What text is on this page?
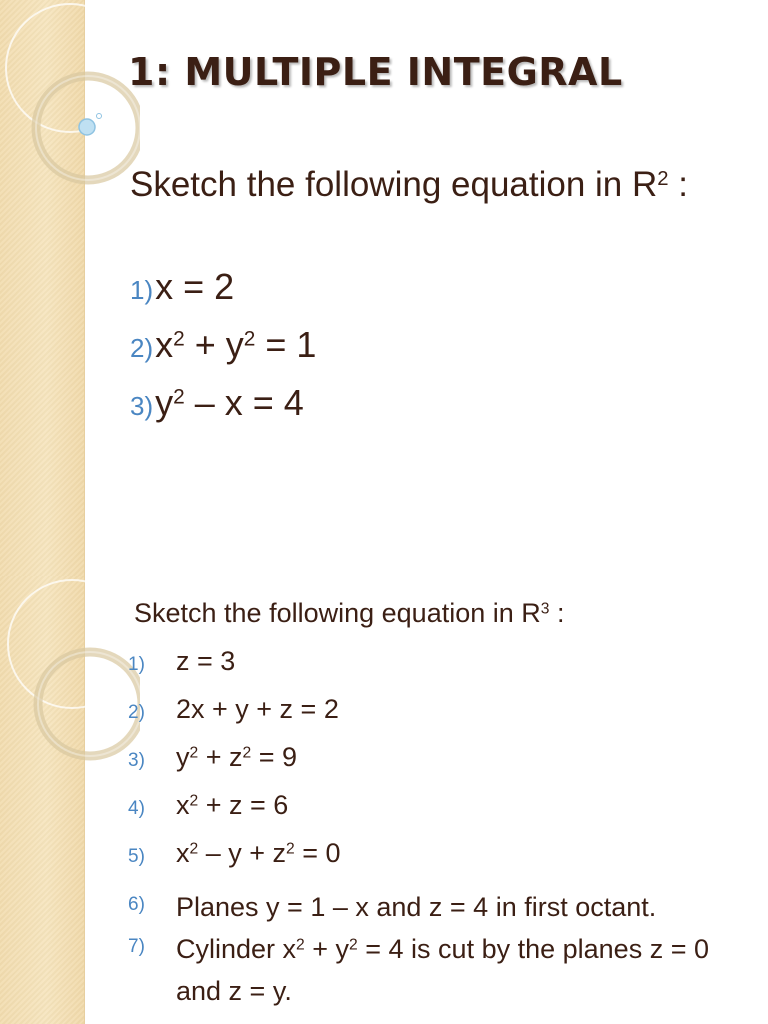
1: MULTIPLE INTEGRAL
Sketch the following equation in $R^2$ :
1) x = 2
2) $x^2 + y^2 = 1$
3) $y^2 - x = 4$
Sketch the following equation in $R^3$ :
1)	z = 3
2)	2x + y + z = 2
3)	$y^2 + z^2 = 9$
4)	$x^2 + z = 6$
5)	$x^2 - y + z^2 = 0$
6)	Planes y = 1 – x and z = 4 in first octant.
7)	Cylinder $x^2 + y^2 = 4$ is cut by the planes z = 0 and z = y.
